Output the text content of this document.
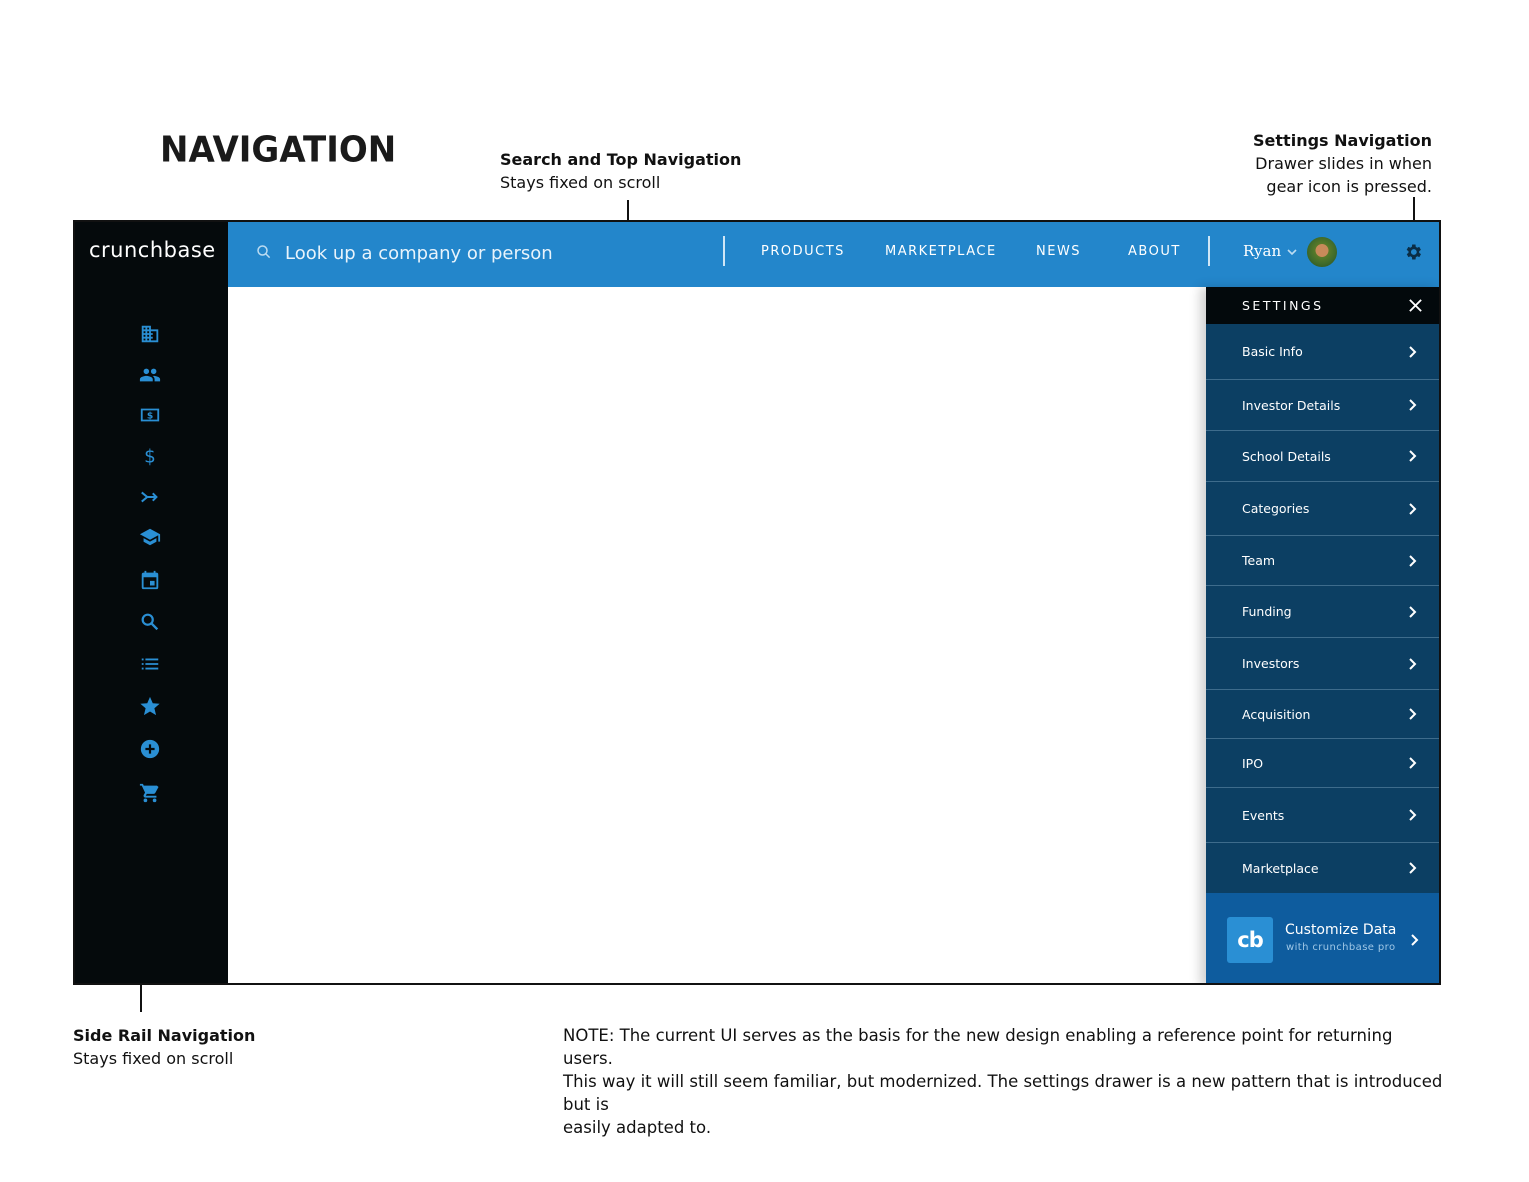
NAVIGATION	Search and Top Navigation
Stays fixed on scroll
Settings Navigation
Drawer slides in when
gear icon is pressed.
Side Rail Navigation
Stays fixed on scroll
NOTE: The current UI serves as the basis for the new design enabling a reference point for returning users.
This way it will still seem familiar, but modernized. The settings drawer is a new pattern that is introduced but is
easily adapted to.
crunchbase
$
$
Look up a company or person
PRODUCTS	MARKETPLACE	NEWS	ABOUT	Ryan
SETTINGS
Basic Info
Investor Details
School Details
Categories
Team
Funding
Investors
Acquisition
IPO
Events
Marketplace
cb	Customize Data
with crunchbase pro
